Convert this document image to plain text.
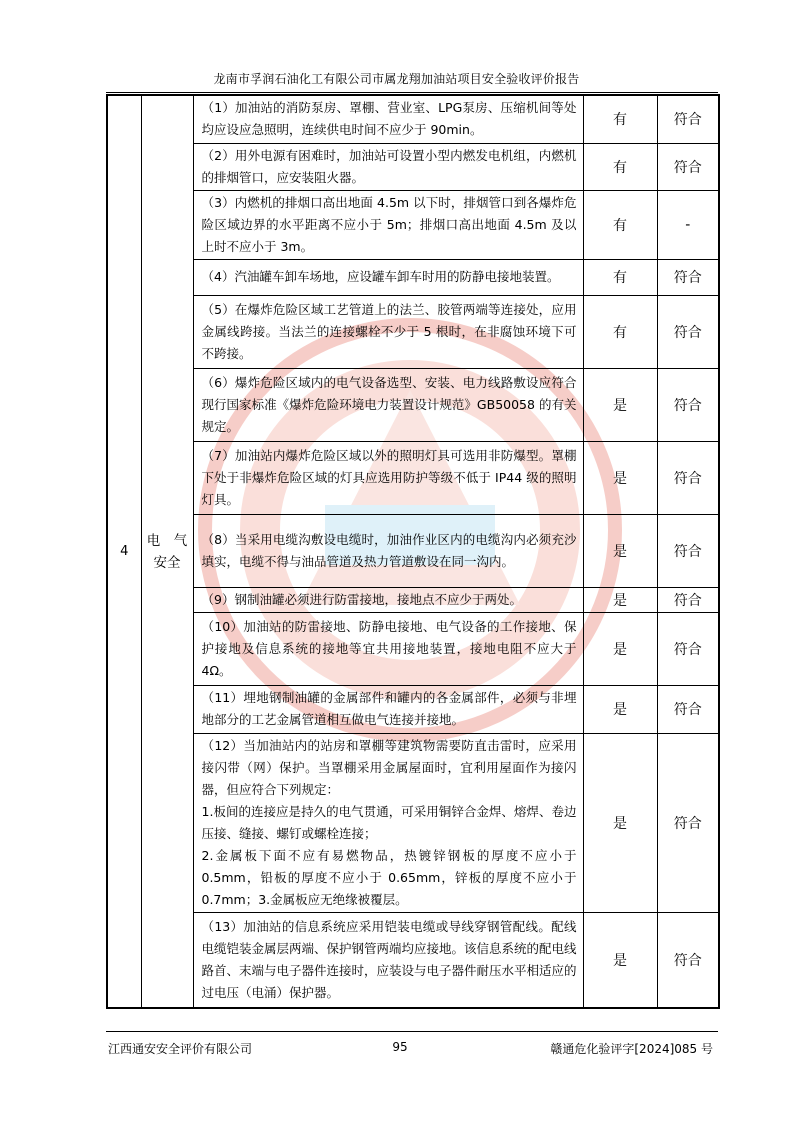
龙南市孚润石油化工有限公司市属龙翔加油站项目安全验收评价报告
4	电　气
安全	（1）加油站的消防泵房、罩棚、营业室、LPG泵房、压缩机间等处均应设应急照明，连续供电时间不应少于 90min。	有	符合
		（2）用外电源有困难时，加油站可设置小型内燃发电机组，内燃机的排烟管口，应安装阻火器。	有	符合
		（3）内燃机的排烟口高出地面 4.5m 以下时，排烟管口到各爆炸危险区域边界的水平距离不应小于 5m；排烟口高出地面 4.5m 及以上时不应小于 3m。	有	-
		（4）汽油罐车卸车场地，应设罐车卸车时用的防静电接地装置。	有	符合
		（5）在爆炸危险区域工艺管道上的法兰、胶管两端等连接处，应用金属线跨接。当法兰的连接螺栓不少于 5 根时，在非腐蚀环境下可不跨接。	有	符合
		（6）爆炸危险区域内的电气设备选型、安装、电力线路敷设应符合现行国家标准《爆炸危险环境电力装置设计规范》GB50058 的有关规定。	是	符合
		（7）加油站内爆炸危险区域以外的照明灯具可选用非防爆型。罩棚下处于非爆炸危险区域的灯具应选用防护等级不低于 IP44 级的照明灯具。	是	符合
		（8）当采用电缆沟敷设电缆时，加油作业区内的电缆沟内必须充沙填实，电缆不得与油品管道及热力管道敷设在同一沟内。	是	符合
		（9）钢制油罐必须进行防雷接地，接地点不应少于两处。	是	符合
		（10）加油站的防雷接地、防静电接地、电气设备的工作接地、保护接地及信息系统的接地等宜共用接地装置，接地电阻不应大于 4Ω。	是	符合
		（11）埋地钢制油罐的金属部件和罐内的各金属部件，必须与非埋地部分的工艺金属管道相互做电气连接并接地。	是	符合
		（12）当加油站内的站房和罩棚等建筑物需要防直击雷时，应采用接闪带（网）保护。当罩棚采用金属屋面时，宜利用屋面作为接闪器，但应符合下列规定：
1.板间的连接应是持久的电气贯通，可采用铜锌合金焊、熔焊、卷边压接、缝接、螺钉或螺栓连接；
2.金属板下面不应有易燃物品，热镀锌钢板的厚度不应小于 0.5mm，铅板的厚度不应小于 0.65mm，锌板的厚度不应小于 0.7mm；3.金属板应无绝缘被覆层。	是	符合
		（13）加油站的信息系统应采用铠装电缆或导线穿钢管配线。配线电缆铠装金属层两端、保护钢管两端均应接地。该信息系统的配电线路首、末端与电子器件连接时，应装设与电子器件耐压水平相适应的过电压（电涌）保护器。	是	符合
江西通安安全评价有限公司	95	赣通危化验评字[2024]085 号
